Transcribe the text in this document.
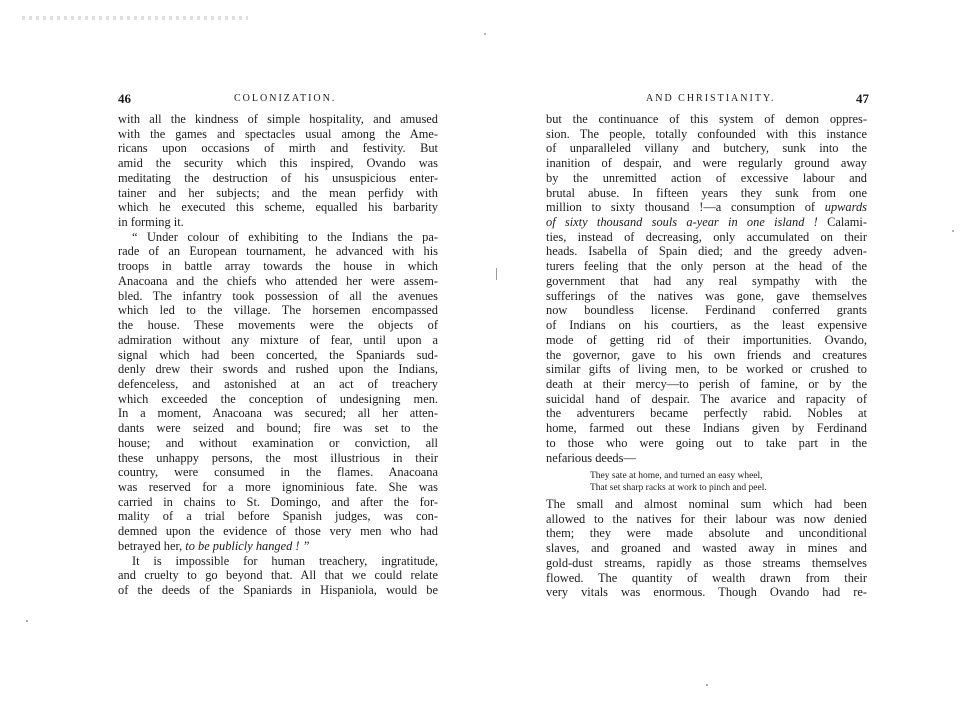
46	COLONIZATION.
with all the kindness of simple hospitality, and amused
with the games and spectacles usual among the Ame-
ricans upon occasions of mirth and festivity. But
amid the security which this inspired, Ovando was
meditating the destruction of his unsuspicious enter-
tainer and her subjects; and the mean perfidy with
which he executed this scheme, equalled his barbarity
in forming it.
“ Under colour of exhibiting to the Indians the pa-
rade of an European tournament, he advanced with his
troops in battle array towards the house in which
Anacoana and the chiefs who attended her were assem-
bled. The infantry took possession of all the avenues
which led to the village. The horsemen encompassed
the house. These movements were the objects of
admiration without any mixture of fear, until upon a
signal which had been concerted, the Spaniards sud-
denly drew their swords and rushed upon the Indians,
defenceless, and astonished at an act of treachery
which exceeded the conception of undesigning men.
In a moment, Anacoana was secured; all her atten-
dants were seized and bound; fire was set to the
house; and without examination or conviction, all
these unhappy persons, the most illustrious in their
country, were consumed in the flames. Anacoana
was reserved for a more ignominious fate. She was
carried in chains to St. Domingo, and after the for-
mality of a trial before Spanish judges, was con-
demned upon the evidence of those very men who had
betrayed her, to be publicly hanged ! ”
It is impossible for human treachery, ingratitude,
and cruelty to go beyond that. All that we could relate
of the deeds of the Spaniards in Hispaniola, would be
AND CHRISTIANITY.	47
but the continuance of this system of demon oppres-
sion. The people, totally confounded with this instance
of unparalleled villany and butchery, sunk into the
inanition of despair, and were regularly ground away
by the unremitted action of excessive labour and
brutal abuse. In fifteen years they sunk from one
million to sixty thousand !—a consumption of upwards
of sixty thousand souls a-year in one island ! Calami-
ties, instead of decreasing, only accumulated on their
heads. Isabella of Spain died; and the greedy adven-
turers feeling that the only person at the head of the
government that had any real sympathy with the
sufferings of the natives was gone, gave themselves
now boundless license. Ferdinand conferred grants
of Indians on his courtiers, as the least expensive
mode of getting rid of their importunities. Ovando,
the governor, gave to his own friends and creatures
similar gifts of living men, to be worked or crushed to
death at their mercy—to perish of famine, or by the
suicidal hand of despair. The avarice and rapacity of
the adventurers became perfectly rabid. Nobles at
home, farmed out these Indians given by Ferdinand
to those who were going out to take part in the
nefarious deeds—
They sate at home, and turned an easy wheel,
That set sharp racks at work to pinch and peel.
The small and almost nominal sum which had been
allowed to the natives for their labour was now denied
them; they were made absolute and unconditional
slaves, and groaned and wasted away in mines and
gold-dust streams, rapidly as those streams themselves
flowed. The quantity of wealth drawn from their
very vitals was enormous. Though Ovando had re-
